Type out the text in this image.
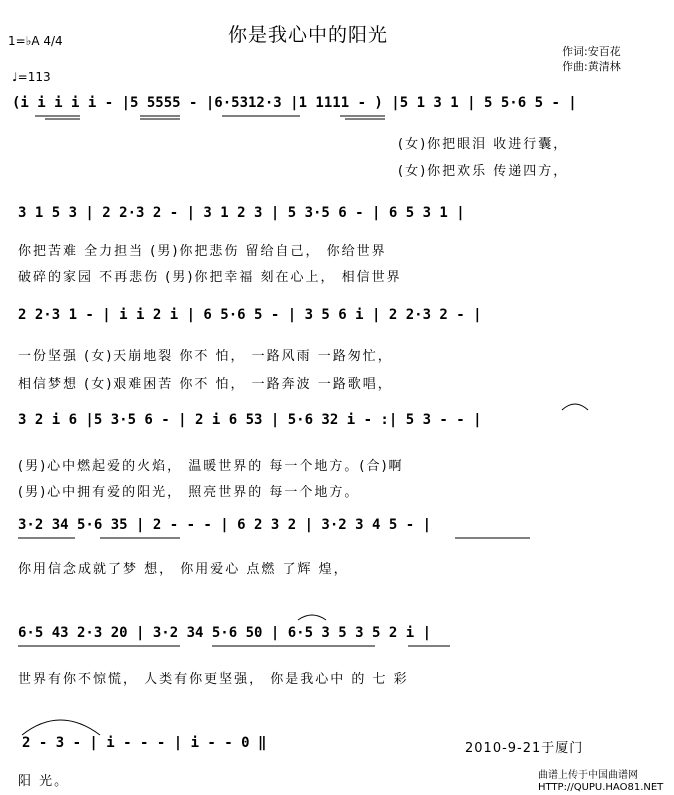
你是我心中的阳光
作词:安百花
作曲:黄清林
1=♭A 4/4
♩=113
(i i i i i - |5 5555 - |6·5312·3 |1 1111 - ) |5 1 3 1 | 5 5·6 5 - |
(女)你把眼泪 收进行囊，
(女)你把欢乐 传递四方，
3 1 5 3 | 2 2·3 2 - | 3 1 2 3 | 5 3·5 6 - | 6 5 3 1 |
你把苦难 全力担当 (男)你把悲伤 留给自己， 你给世界
破碎的家园 不再悲伤 (男)你把幸福 刻在心上， 相信世界
2 2·3 1 - | i i 2 i | 6 5·6 5 - | 3 5 6 i | 2 2·3 2 - |
一份坚强 (女)天崩地裂 你不 怕， 一路风雨 一路匆忙，
相信梦想 (女)艰难困苦 你不 怕， 一路奔波 一路歌唱，
3 2 i 6 |5 3·5 6 - | 2 i 6 53 | 5·6 32 i - :| 5 3 - - |
(男)心中燃起爱的火焰， 温暖世界的 每一个地方。(合)啊
(男)心中拥有爱的阳光， 照亮世界的 每一个地方。
3·2 34 5·6 35 | 2 - - - | 6 2 3 2 | 3·2 3 4 5 - |
你用信念成就了梦 想， 你用爱心 点燃 了辉 煌，
6·5 43 2·3 20 | 3·2 34 5·6 50 | 6·5 3 5 3 5 2 i |
世界有你不惊慌， 人类有你更坚强， 你是我心中 的 七 彩
2 - 3 - | i - - - | i - - 0 ‖
阳 光。
2010-9-21于厦门
曲谱上传于中国曲谱网
HTTP://QUPU.HAO81.NET
